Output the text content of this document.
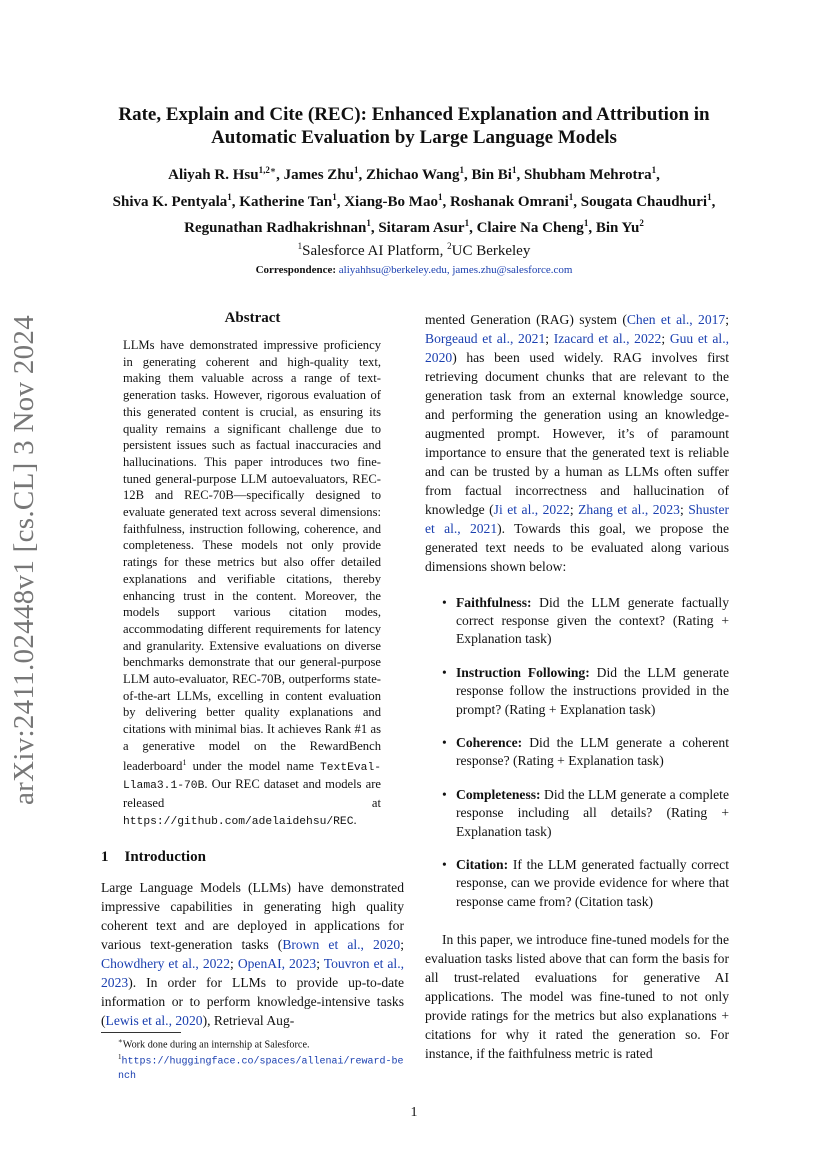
arXiv:2411.02448v1 [cs.CL] 3 Nov 2024
Rate, Explain and Cite (REC): Enhanced Explanation and Attribution in Automatic Evaluation by Large Language Models
Aliyah R. Hsu$^{1,2∗}$, James Zhu$^1$, Zhichao Wang$^1$, Bin Bi$^1$, Shubham Mehrotra$^1$,
Shiva K. Pentyala$^1$, Katherine Tan$^1$, Xiang-Bo Mao$^1$, Roshanak Omrani$^1$, Sougata Chaudhuri$^1$,
Regunathan Radhakrishnan$^1$, Sitaram Asur$^1$, Claire Na Cheng$^1$, Bin Yu$^2$
$^1$Salesforce AI Platform, $^2$UC Berkeley
Correspondence: aliyahhsu@berkeley.edu, james.zhu@salesforce.com
Abstract
LLMs have demonstrated impressive proficiency in generating coherent and high-quality text, making them valuable across a range of text-generation tasks. However, rigorous evaluation of this generated content is crucial, as ensuring its quality remains a significant challenge due to persistent issues such as factual inaccuracies and hallucinations. This paper introduces two fine-tuned general-purpose LLM autoevaluators, REC-12B and REC-70B—specifically designed to evaluate generated text across several dimensions: faithfulness, instruction following, coherence, and completeness. These models not only provide ratings for these metrics but also offer detailed explanations and verifiable citations, thereby enhancing trust in the content. Moreover, the models support various citation modes, accommodating different requirements for latency and granularity. Extensive evaluations on diverse benchmarks demonstrate that our general-purpose LLM auto-evaluator, REC-70B, outperforms state-of-the-art LLMs, excelling in content evaluation by delivering better quality explanations and citations with minimal bias. It achieves Rank #1 as a generative model on the RewardBench leaderboard$^1$ under the model name TextEval-Llama3.1-70B. Our REC dataset and models are released at https://github.com/adelaidehsu/REC.
1 Introduction
Large Language Models (LLMs) have demonstrated impressive capabilities in generating high quality coherent text and are deployed in applications for various text-generation tasks (Brown et al., 2020; Chowdhery et al., 2022; OpenAI, 2023; Touvron et al., 2023). In order for LLMs to provide up-to-date information or to perform knowledge-intensive tasks (Lewis et al., 2020), Retrieval Aug-
∗Work done during an internship at Salesforce.
$^1$https://huggingface.co/spaces/allenai/reward-bench

mented Generation (RAG) system (Chen et al., 2017; Borgeaud et al., 2021; Izacard et al., 2022; Guu et al., 2020) has been used widely. RAG involves first retrieving document chunks that are relevant to the generation task from an external knowledge source, and performing the generation using an knowledge-augmented prompt. However, it’s of paramount importance to ensure that the generated text is reliable and can be trusted by a human as LLMs often suffer from factual incorrectness and hallucination of knowledge (Ji et al., 2022; Zhang et al., 2023; Shuster et al., 2021). Towards this goal, we propose the generated text needs to be evaluated along various dimensions shown below:

• Faithfulness: Did the LLM generate factually correct response given the context? (Rating + Explanation task)
• Instruction Following: Did the LLM generate response follow the instructions provided in the prompt? (Rating + Explanation task)
• Coherence: Did the LLM generate a coherent response? (Rating + Explanation task)
• Completeness: Did the LLM generate a complete response including all details? (Rating + Explanation task)
• Citation: If the LLM generated factually correct response, can we provide evidence for where that response came from? (Citation task)

In this paper, we introduce fine-tuned models for the evaluation tasks listed above that can form the basis for all trust-related evaluations for generative AI applications. The model was fine-tuned to not only provide ratings for the metrics but also explanations + citations for why it rated the generation so. For instance, if the faithfulness metric is rated

1
